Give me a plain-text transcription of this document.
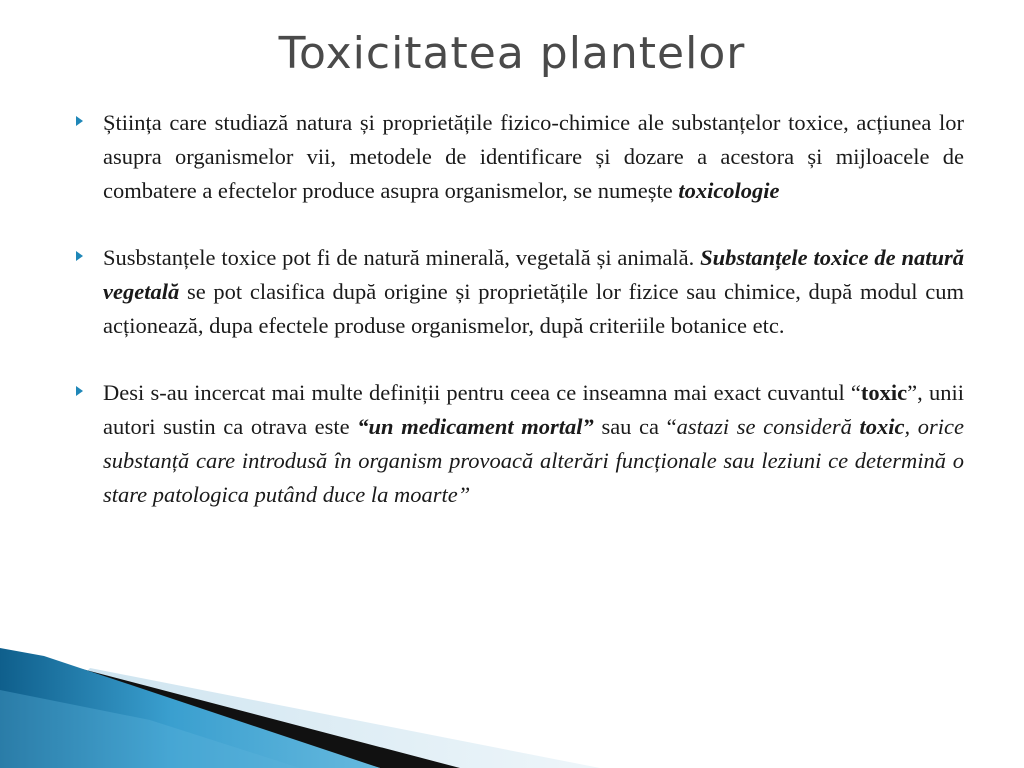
Toxicitatea plantelor

Știința care studiază natura și proprietățile fizico-chimice ale substanțelor toxice, acțiunea lor asupra organismelor vii, metodele de identificare și dozare a acestora și mijloacele de combatere a efectelor produce asupra organismelor, se numește toxicologie

Susbstanțele toxice pot fi de natură minerală, vegetală și animală. Substanțele toxice de natură vegetală se pot clasifica după origine și proprietățile lor fizice sau chimice, după modul cum acționează, dupa efectele produse organismelor, după criteriile botanice etc.

Desi s-au incercat mai multe definiții pentru ceea ce inseamna mai exact cuvantul “toxic”, unii autori sustin ca otrava este “un medicament mortal” sau ca “astazi se consideră toxic, orice substanță care introdusă în organism provoacă alterări funcționale sau leziuni ce determină o stare patologica putând duce la moarte”
